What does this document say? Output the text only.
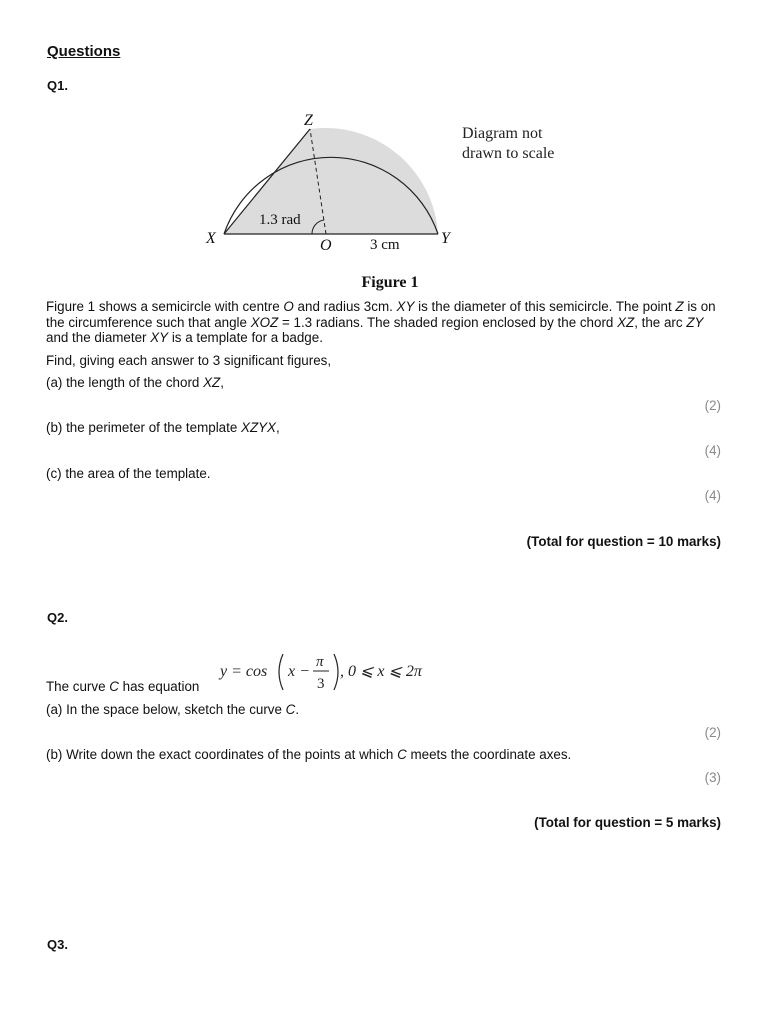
Questions
Q1.
Z
X	Y
O
1.3 rad
3 cm
Diagram not
drawn to scale
Figure 1
Figure 1 shows a semicircle with centre O and radius 3cm. XY is the diameter of this semicircle. The point Z is on the circumference such that angle XOZ = 1.3 radians. The shaded region enclosed by the chord XZ, the arc ZY and the diameter XY is a template for a badge.
Find, giving each answer to 3 significant figures,
(a) the length of the chord XZ,
(2)
(b) the perimeter of the template XZYX,
(4)
(c) the area of the template.
(4)
(Total for question = 10 marks)
Q2.
y = cos x −
π
3
, 0 ⩽ x ⩽ 2π
The curve C has equation
(a) In the space below, sketch the curve C.
(2)
(b) Write down the exact coordinates of the points at which C meets the coordinate axes.
(3)
(Total for question = 5 marks)
Q3.
